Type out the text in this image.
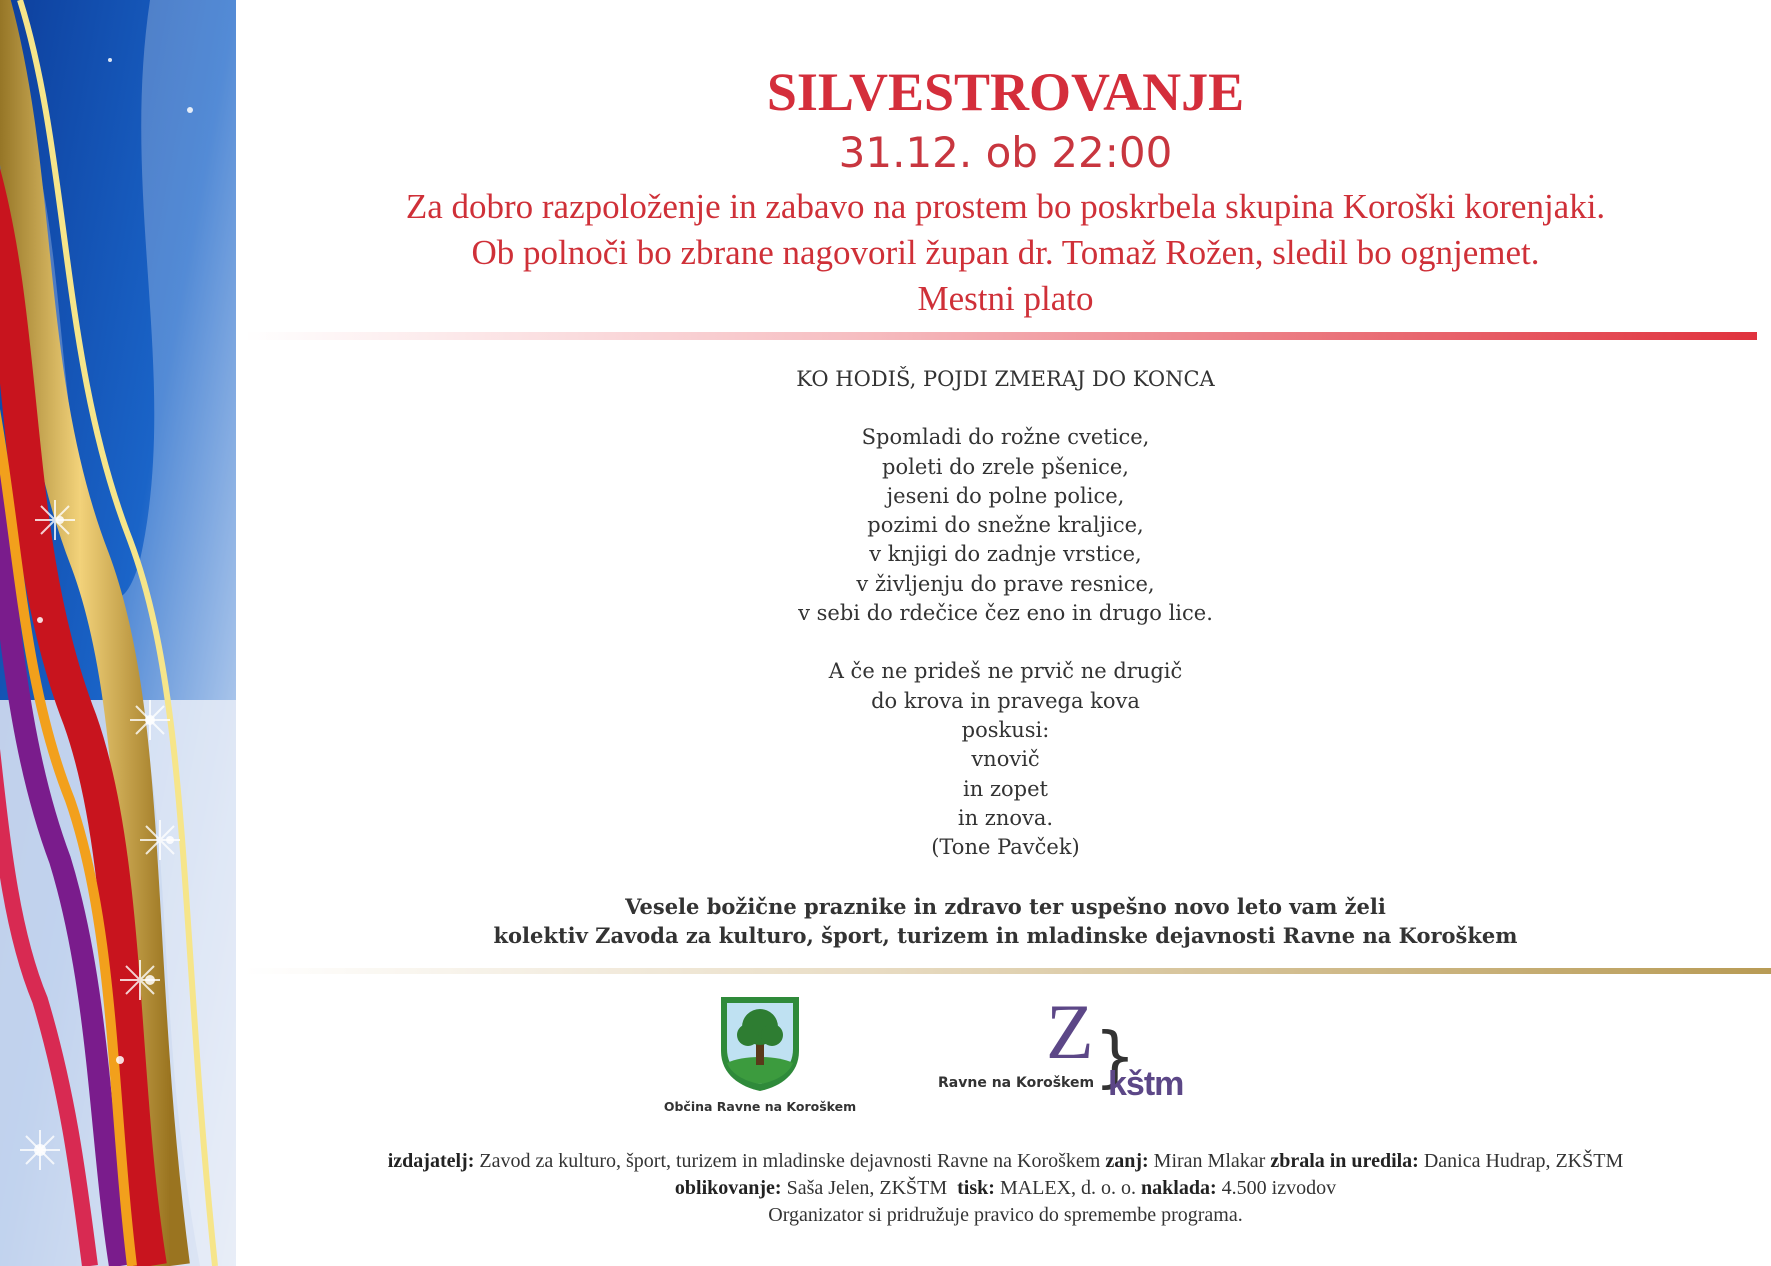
SILVESTROVANJE
31.12. ob 22:00
Za dobro razpoloženje in zabavo na prostem bo poskrbela skupina Koroški korenjaki.
Ob polnoči bo zbrane nagovoril župan dr. Tomaž Rožen, sledil bo ognjemet.
Mestni plato
KO HODIŠ, POJDI ZMERAJ DO KONCA
Spomladi do rožne cvetice,
poleti do zrele pšenice,
jeseni do polne police,
pozimi do snežne kraljice,
v knjigi do zadnje vrstice,
v življenju do prave resnice,
v sebi do rdečice čez eno in drugo lice.
A če ne prideš ne prvič ne drugič
do krova in pravega kova
poskusi:
vnovič
in zopet
in znova.
(Tone Pavček)
Vesele božične praznike in zdravo ter uspešno novo leto vam želi
kolektiv Zavoda za kulturo, šport, turizem in mladinske dejavnosti Ravne na Koroškem
Občina Ravne na Koroškem
Ravne na Koroškem
Z }
kštm
izdajatelj: Zavod za kulturo, šport, turizem in mladinske dejavnosti Ravne na Koroškem zanj: Miran Mlakar zbrala in uredila: Danica Hudrap, ZKŠTM
oblikovanje: Saša Jelen, ZKŠTM tisk: MALEX, d. o. o. naklada: 4.500 izvodov
Organizator si pridružuje pravico do spremembe programa.
